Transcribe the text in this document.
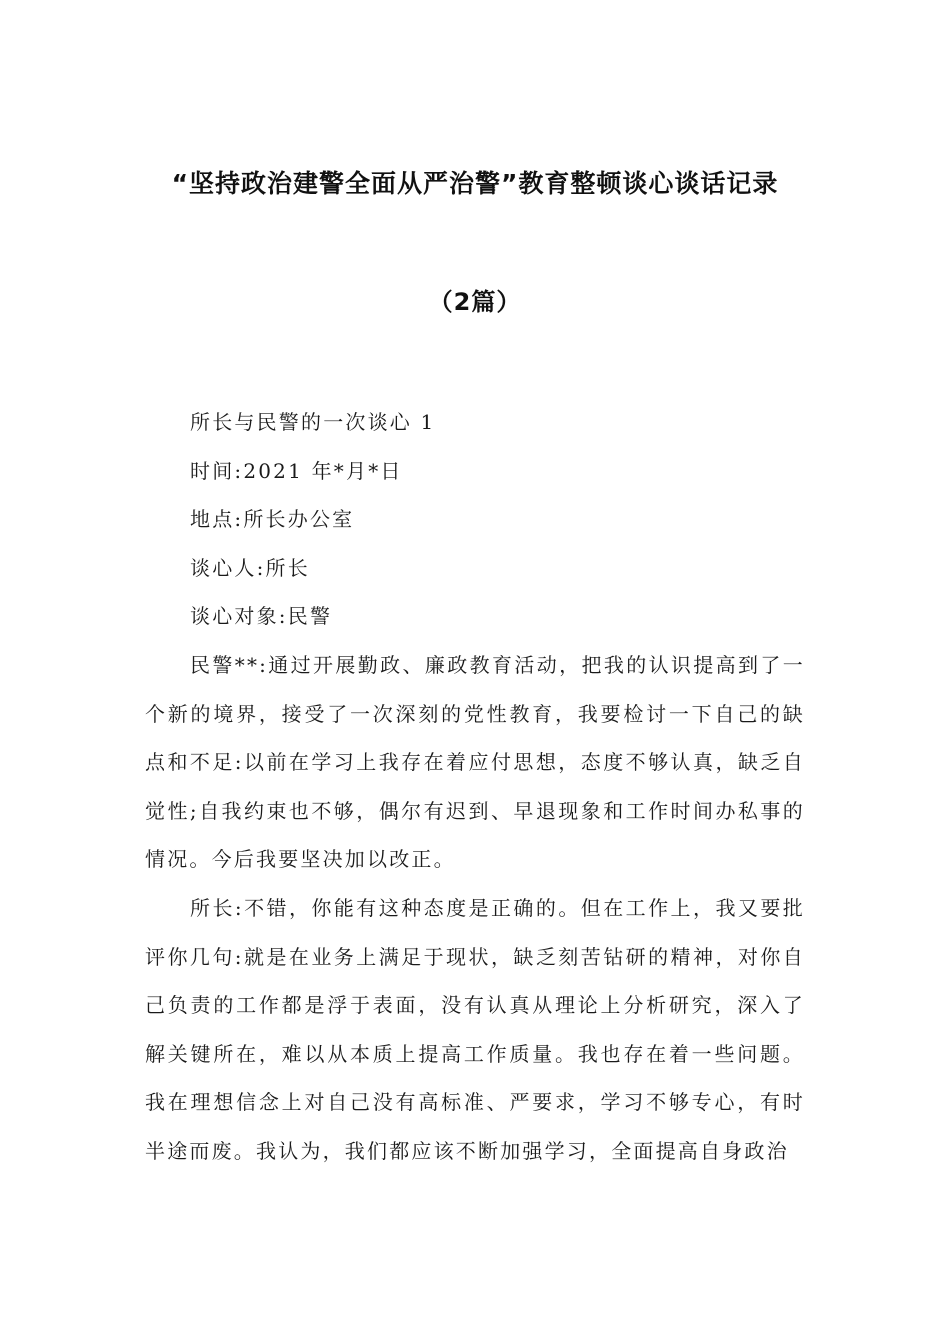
“坚持政治建警全面从严治警”教育整顿谈心谈话记录
（2篇）
所长与民警的一次谈心 1
时间:2021 年*月*日
地点:所长办公室
谈心人:所长
谈心对象:民警
民警**:通过开展勤政、廉政教育活动，把我的认识提高到了一个新的境界，接受了一次深刻的党性教育，我要检讨一下自己的缺点和不足:以前在学习上我存在着应付思想，态度不够认真，缺乏自觉性;自我约束也不够，偶尔有迟到、早退现象和工作时间办私事的情况。今后我要坚决加以改正。
所长:不错，你能有这种态度是正确的。但在工作上，我又要批评你几句:就是在业务上满足于现状，缺乏刻苦钻研的精神，对你自己负责的工作都是浮于表面，没有认真从理论上分析研究，深入了解关键所在，难以从本质上提高工作质量。我也存在着一些问题。我在理想信念上对自己没有高标准、严要求，学习不够专心，有时半途而废。我认为，我们都应该不断加强学习，全面提高自身政治
